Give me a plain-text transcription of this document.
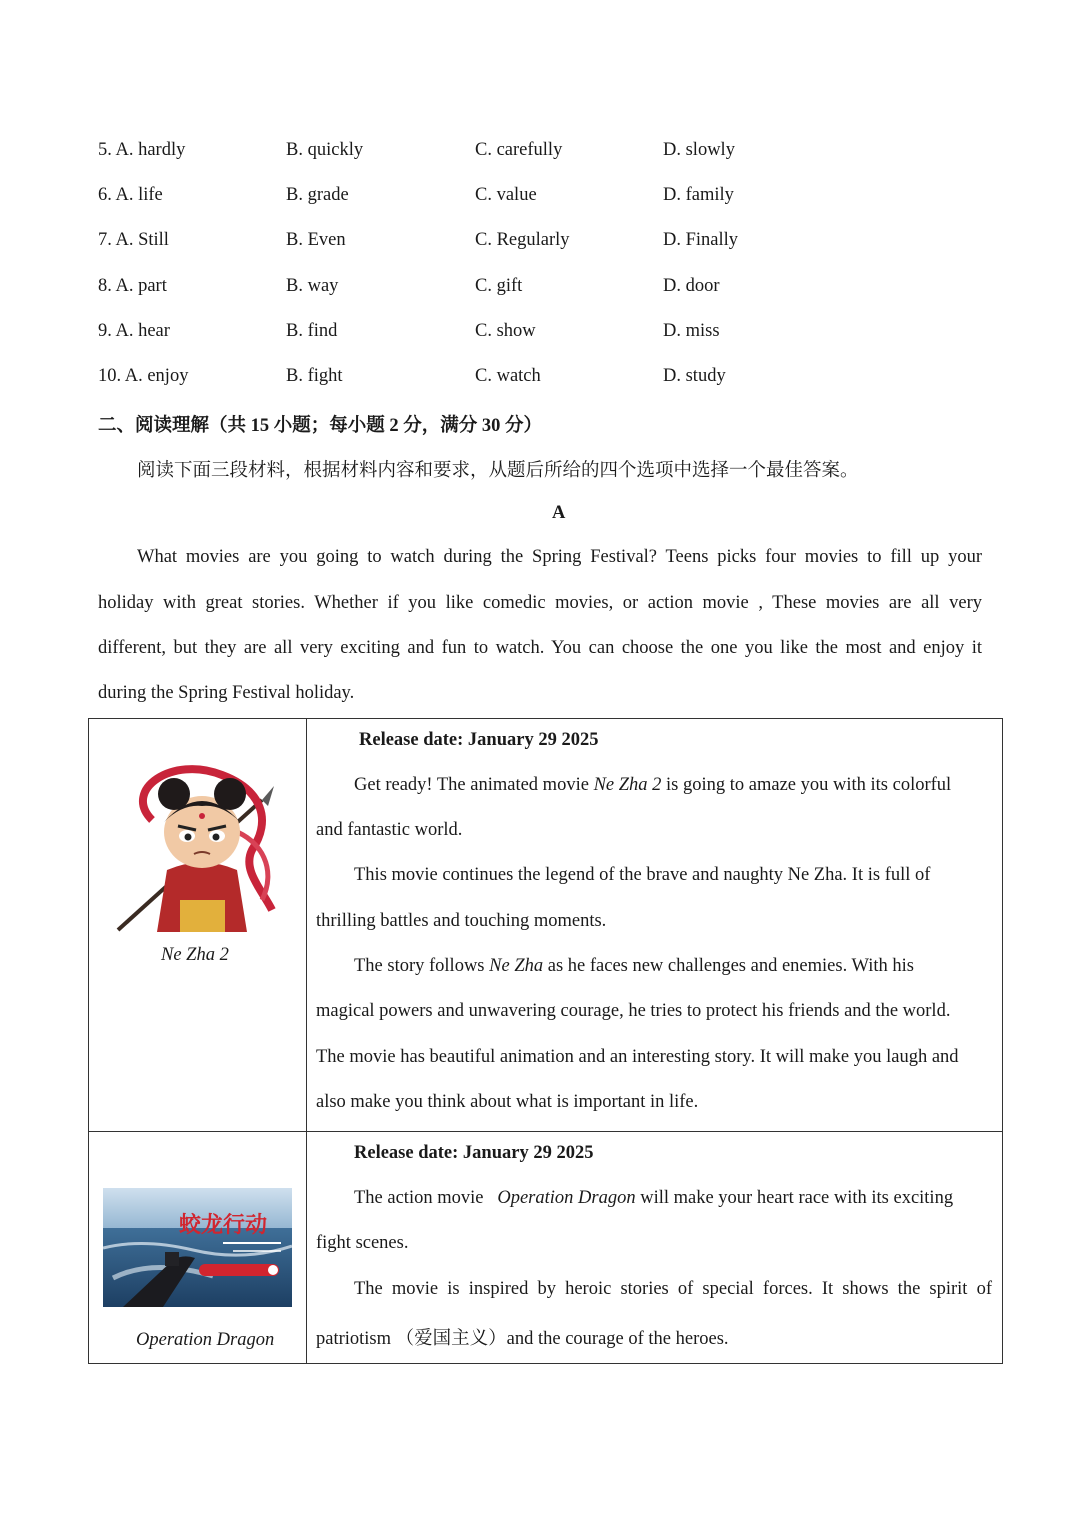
5. A. hardly	B. quickly	C. carefully	D. slowly
6. A. life	B. grade	C. value	D. family
7. A. Still	B. Even	C. Regularly	D. Finally
8. A. part	B. way	C. gift	D. door
9. A. hear	B. find	C. show	D. miss
10. A. enjoy	B. fight	C. watch	D. study
二、阅读理解（共 15 小题；每小题 2 分，满分 30 分）
阅读下面三段材料，根据材料内容和要求，从题后所给的四个选项中选择一个最佳答案。
A
What movies are you going to watch during the Spring Festival? Teens picks four movies to fill up your
holiday with great stories. Whether if you like comedic movies, or action movie , These movies are all very
different, but they are all very exciting and fun to watch. You can choose the one you like the most and enjoy it
during the Spring Festival holiday.
Ne Zha 2
Release date: January 29 2025
Get ready! The animated movie Ne Zha 2 is going to amaze you with its colorful
and fantastic world.
This movie continues the legend of the brave and naughty Ne Zha. It is full of
thrilling battles and touching moments.
The story follows Ne Zha as he faces new challenges and enemies. With his
magical powers and unwavering courage, he tries to protect his friends and the world.
The movie has beautiful animation and an interesting story. It will make you laugh and
also make you think about what is important in life.
蛟龙行动
Operation Dragon
Release date: January 29 2025
The action movie   Operation Dragon will make your heart race with its exciting
fight scenes.
The movie is inspired by heroic stories of special forces. It shows the spirit of
patriotism （爱国主义）and the courage of the heroes.
